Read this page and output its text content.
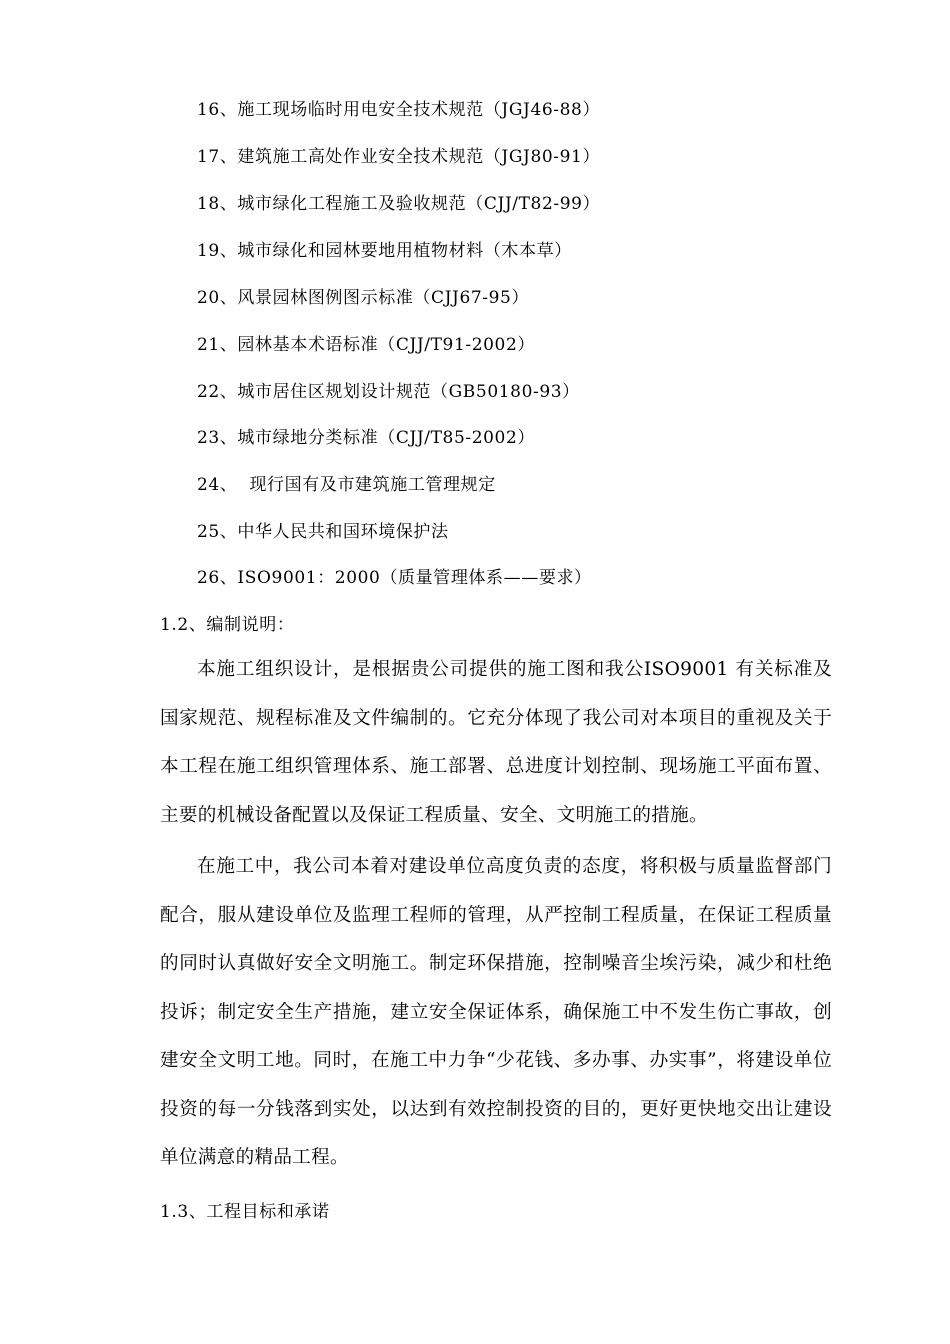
16、施工现场临时用电安全技术规范（JGJ46-88）
17、建筑施工高处作业安全技术规范（JGJ80-91）
18、城市绿化工程施工及验收规范（CJJ/T82-99）
19、城市绿化和园林要地用植物材料（木本草）
20、风景园林图例图示标准（CJJ67-95）
21、园林基本术语标准（CJJ/T91-2002）
22、城市居住区规划设计规范（GB50180-93）
23、城市绿地分类标准（CJJ/T85-2002）
24、  现行国有及市建筑施工管理规定
25、中华人民共和国环境保护法
26、ISO9001：2000（质量管理体系——要求）
1.2、编制说明：

本施工组织设计，是根据贵公司提供的施工图和我公ISO9001 有关标准及国家规范、规程标准及文件编制的。它充分体现了我公司对本项目的重视及关于本工程在施工组织管理体系、施工部署、总进度计划控制、现场施工平面布置、主要的机械设备配置以及保证工程质量、安全、文明施工的措施。

在施工中，我公司本着对建设单位高度负责的态度，将积极与质量监督部门配合，服从建设单位及监理工程师的管理，从严控制工程质量，在保证工程质量的同时认真做好安全文明施工。制定环保措施，控制噪音尘埃污染，减少和杜绝投诉；制定安全生产措施，建立安全保证体系，确保施工中不发生伤亡事故，创建安全文明工地。同时，在施工中力争“少花钱、多办事、办实事”，将建设单位投资的每一分钱落到实处，以达到有效控制投资的目的，更好更快地交出让建设单位满意的精品工程。

1.3、工程目标和承诺
